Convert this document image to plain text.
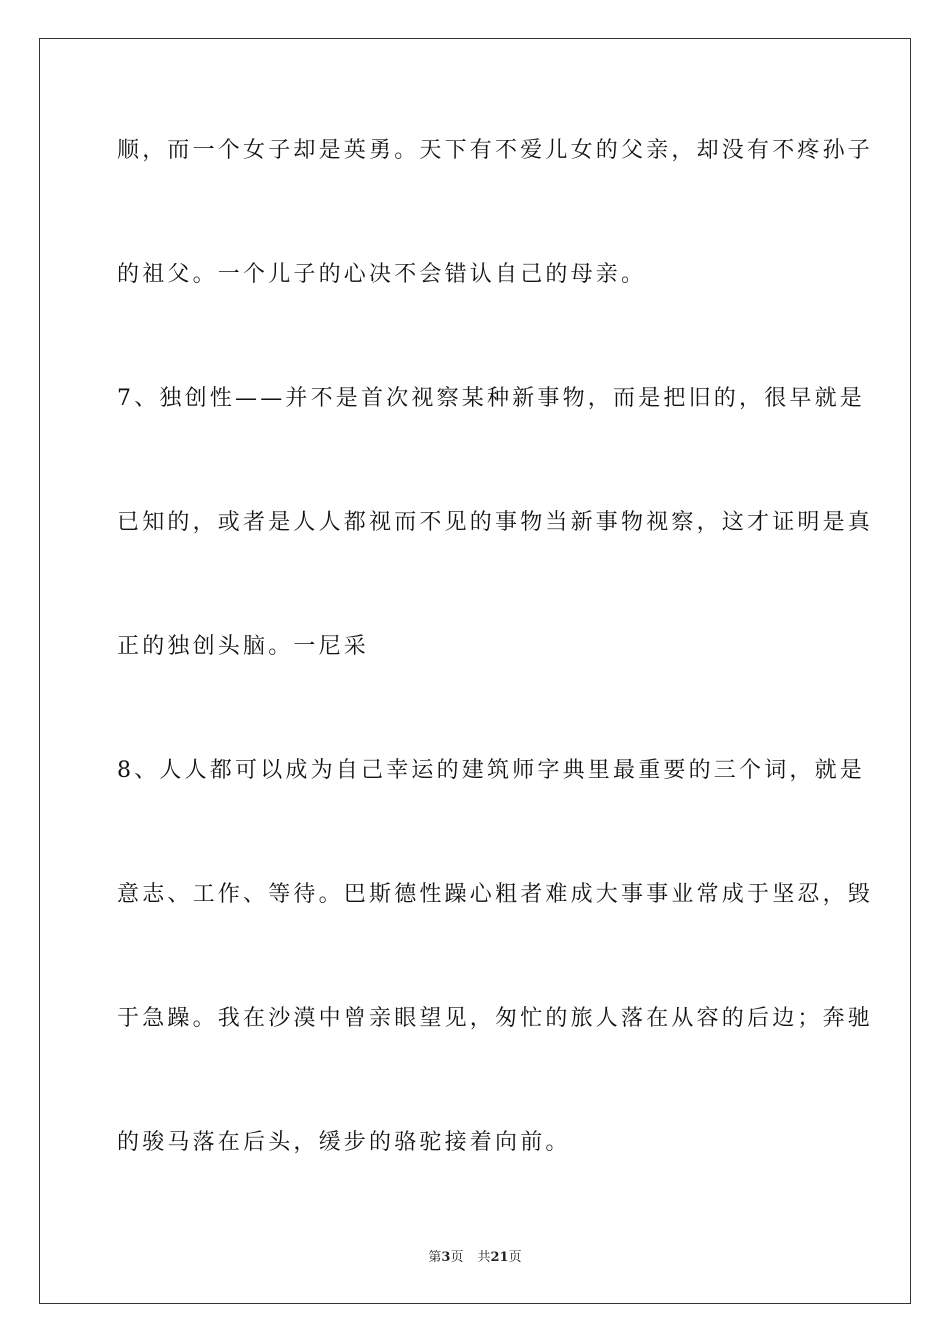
顺，而一个女子却是英勇。天下有不爱儿女的父亲，却没有不疼孙子
的祖父。一个儿子的心决不会错认自己的母亲。
7、独创性——并不是首次视察某种新事物，而是把旧的，很早就是
已知的，或者是人人都视而不见的事物当新事物视察，这才证明是真
正的独创头脑。一尼采
8、人人都可以成为自己幸运的建筑师字典里最重要的三个词，就是
意志、工作、等待。巴斯德性躁心粗者难成大事事业常成于坚忍，毁
于急躁。我在沙漠中曾亲眼望见，匆忙的旅人落在从容的后边；奔驰
的骏马落在后头，缓步的骆驼接着向前。
第3页 共21页
